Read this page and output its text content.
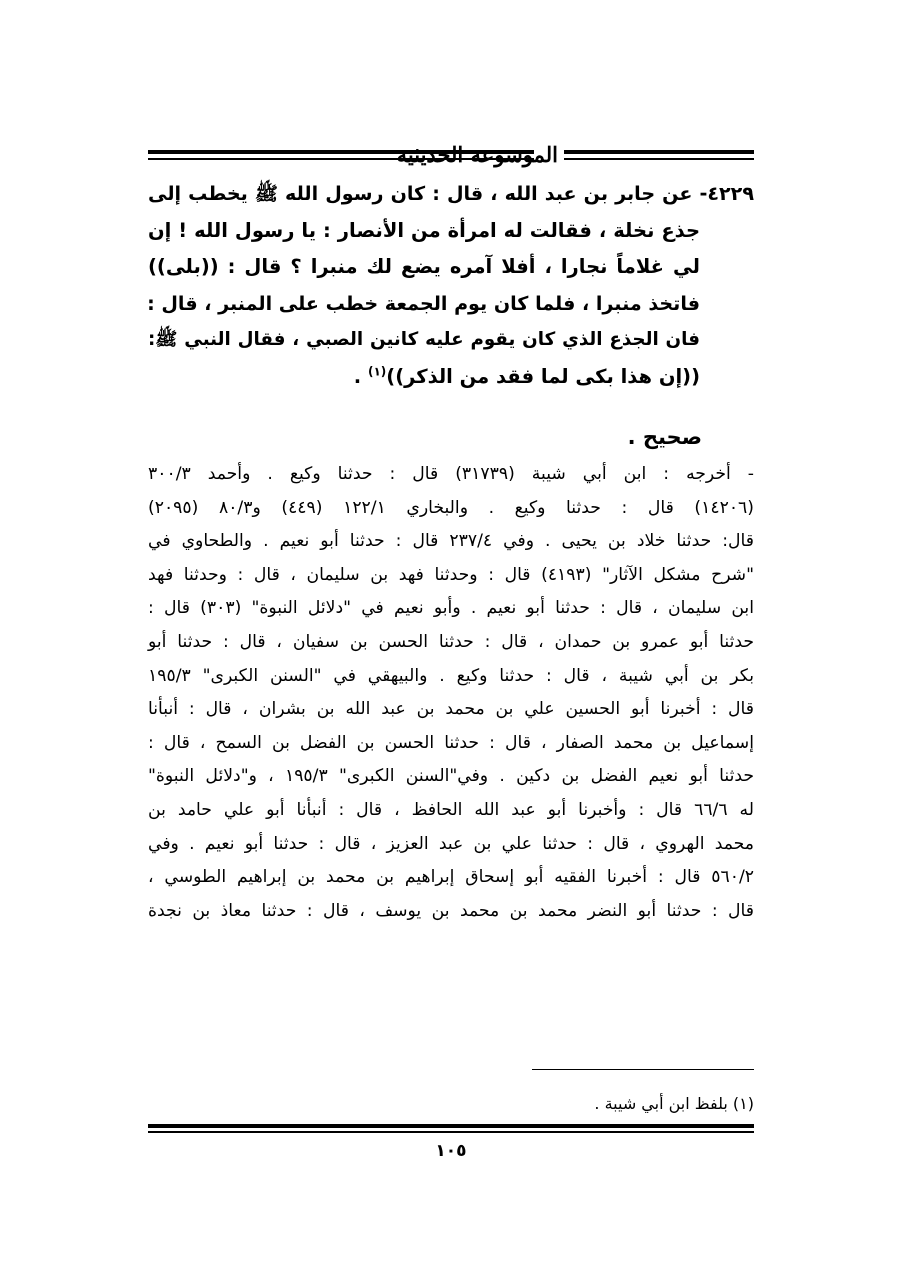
الموسوعة الحديثية
٤٢٢٩- عن جابر بن عبد الله ، قال : كان رسول الله ﷺ يخطب إلى
جذع نخلة ، فقالت له امرأة من الأنصار : يا رسول الله ! إن
لي غلاماً نجارا ، أفلا آمره يضع لك منبرا ؟ قال : ((بلى))
فاتخذ منبرا ، فلما كان يوم الجمعة خطب على المنبر ، قال :
فان الجذع الذي كان يقوم عليه كانين الصبي ، فقال النبي ﷺ:
((إن هذا بكى لما فقد من الذكر))$^{(١)}$ .
صحيح .
- أخرجه : ابن أبي شيبة (٣١٧٣٩) قال : حدثنا وكيع . وأحمد ٣٠٠/٣
(١٤٢٠٦) قال : حدثنا وكيع . والبخاري ١٢٢/١ (٤٤٩) و٨٠/٣ (٢٠٩٥)
قال: حدثنا خلاد بن يحيى . وفي ٢٣٧/٤ قال : حدثنا أبو نعيم . والطحاوي في
"شرح مشكل الآثار" (٤١٩٣) قال : وحدثنا فهد بن سليمان ، قال : وحدثنا فهد
ابن سليمان ، قال : حدثنا أبو نعيم . وأبو نعيم في "دلائل النبوة" (٣٠٣) قال :
حدثنا أبو عمرو بن حمدان ، قال : حدثنا الحسن بن سفيان ، قال : حدثنا أبو
بكر بن أبي شيبة ، قال : حدثنا وكيع . والبيهقي في "السنن الكبرى" ١٩٥/٣
قال : أخبرنا أبو الحسين علي بن محمد بن عبد الله بن بشران ، قال : أنبأنا
إسماعيل بن محمد الصفار ، قال : حدثنا الحسن بن الفضل بن السمح ، قال :
حدثنا أبو نعيم الفضل بن دكين . وفي"السنن الكبرى" ١٩٥/٣ ، و"دلائل النبوة"
له ٦٦/٦ قال : وأخبرنا أبو عبد الله الحافظ ، قال : أنبأنا أبو علي حامد بن
محمد الهروي ، قال : حدثنا علي بن عبد العزيز ، قال : حدثنا أبو نعيم . وفي
٥٦٠/٢ قال : أخبرنا الفقيه أبو إسحاق إبراهيم بن محمد بن إبراهيم الطوسي ،
قال : حدثنا أبو النضر محمد بن محمد بن يوسف ، قال : حدثنا معاذ بن نجدة
(١) بلفظ ابن أبي شيبة .
١٠٥
